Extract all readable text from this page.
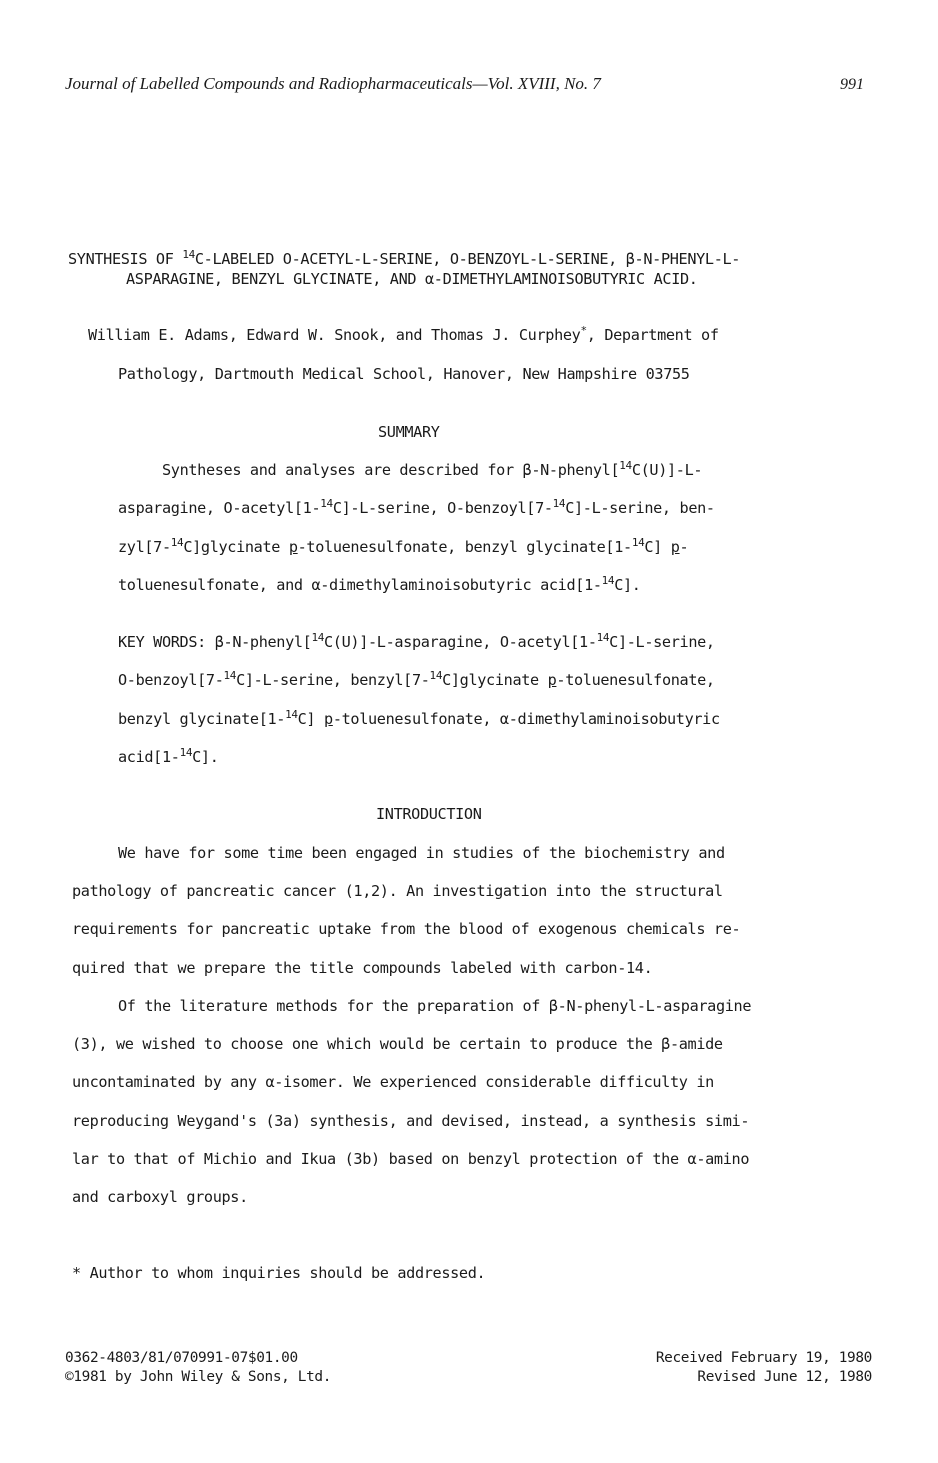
Journal of Labelled Compounds and Radiopharmaceuticals—Vol. XVIII, No. 7	991
SYNTHESIS OF $^{14}$C-LABELED O-ACETYL-L-SERINE, O-BENZOYL-L-SERINE, β-N-PHENYL-L-
ASPARAGINE, BENZYL GLYCINATE, AND α-DIMETHYLAMINOISOBUTYRIC ACID.
William E. Adams, Edward W. Snook, and Thomas J. Curphey*, Department of
Pathology, Dartmouth Medical School, Hanover, New Hampshire 03755
SUMMARY
Syntheses and analyses are described for β-N-phenyl[$^{14}$C(U)]-L-
asparagine, O-acetyl[1-$^{14}$C]-L-serine, O-benzoyl[7-$^{14}$C]-L-serine, ben-
zyl[7-$^{14}$C]glycinate p-toluenesulfonate, benzyl glycinate[1-$^{14}$C] p-
toluenesulfonate, and α-dimethylaminoisobutyric acid[1-$^{14}$C].
KEY WORDS: β-N-phenyl[$^{14}$C(U)]-L-asparagine, O-acetyl[1-$^{14}$C]-L-serine,
O-benzoyl[7-$^{14}$C]-L-serine, benzyl[7-$^{14}$C]glycinate p-toluenesulfonate,
benzyl glycinate[1-$^{14}$C] p-toluenesulfonate, α-dimethylaminoisobutyric
acid[1-$^{14}$C].
INTRODUCTION
We have for some time been engaged in studies of the biochemistry and
pathology of pancreatic cancer (1,2). An investigation into the structural
requirements for pancreatic uptake from the blood of exogenous chemicals re-
quired that we prepare the title compounds labeled with carbon-14.
Of the literature methods for the preparation of β-N-phenyl-L-asparagine
(3), we wished to choose one which would be certain to produce the β-amide
uncontaminated by any α-isomer. We experienced considerable difficulty in
reproducing Weygand's (3a) synthesis, and devised, instead, a synthesis simi-
lar to that of Michio and Ikua (3b) based on benzyl protection of the α-amino
and carboxyl groups.
* Author to whom inquiries should be addressed.
0362-4803/81/070991-07$01.00
©1981 by John Wiley & Sons, Ltd.
Received February 19, 1980
Revised June 12, 1980
